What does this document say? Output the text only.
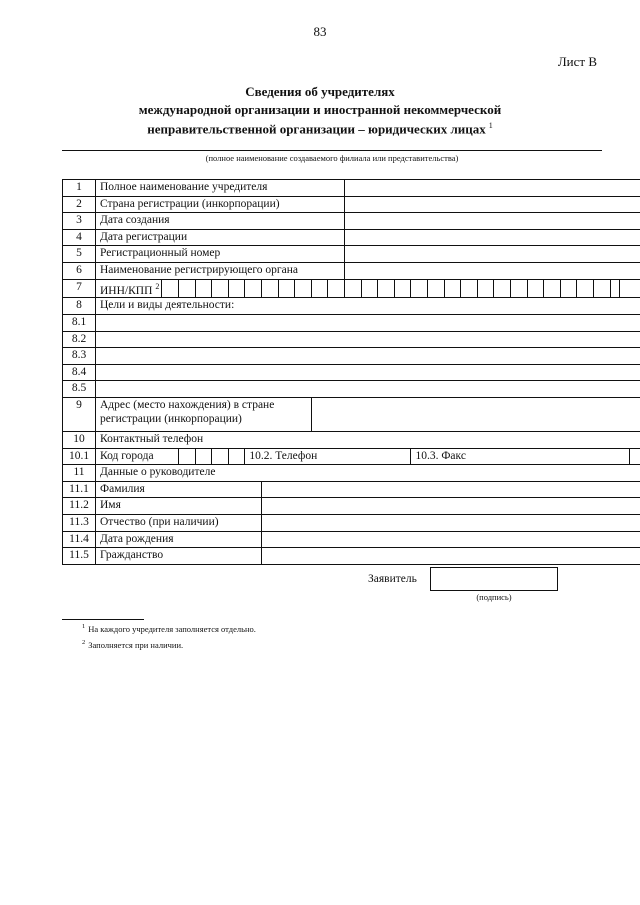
83
Лист В
Сведения об учредителях
международной организации и иностранной некоммерческой
неправительственной организации – юридических лицах $^1$
(полное наименование создаваемого филиала или представительства)
1	Полное наименование учредителя																													
2	Страна регистрации (инкорпорации)																													
3	Дата создания																													
4	Дата регистрации																													
5	Регистрационный номер																													
6	Наименование регистрирующего органа																													
7	ИНН/КПП $^2$																													
8	Цели и виды деятельности:																													
8.1																														
8.2																														
8.3																														
8.4																														
8.5																														
9	Адрес (место нахождения) в стране регистрации (инкорпорации)																													
10	Контактный телефон																													
10.1	Код города						10.2. Телефон										10.3. Факс													
11	Данные о руководителе																													
11.1	Фамилия																													
11.2	Имя																													
11.3	Отчество (при наличии)																													
11.4	Дата рождения																													
11.5	Гражданство																													
Заявитель
(подпись)
$^1$ На каждого учредителя заполняется отдельно.
$^2$ Заполняется при наличии.
